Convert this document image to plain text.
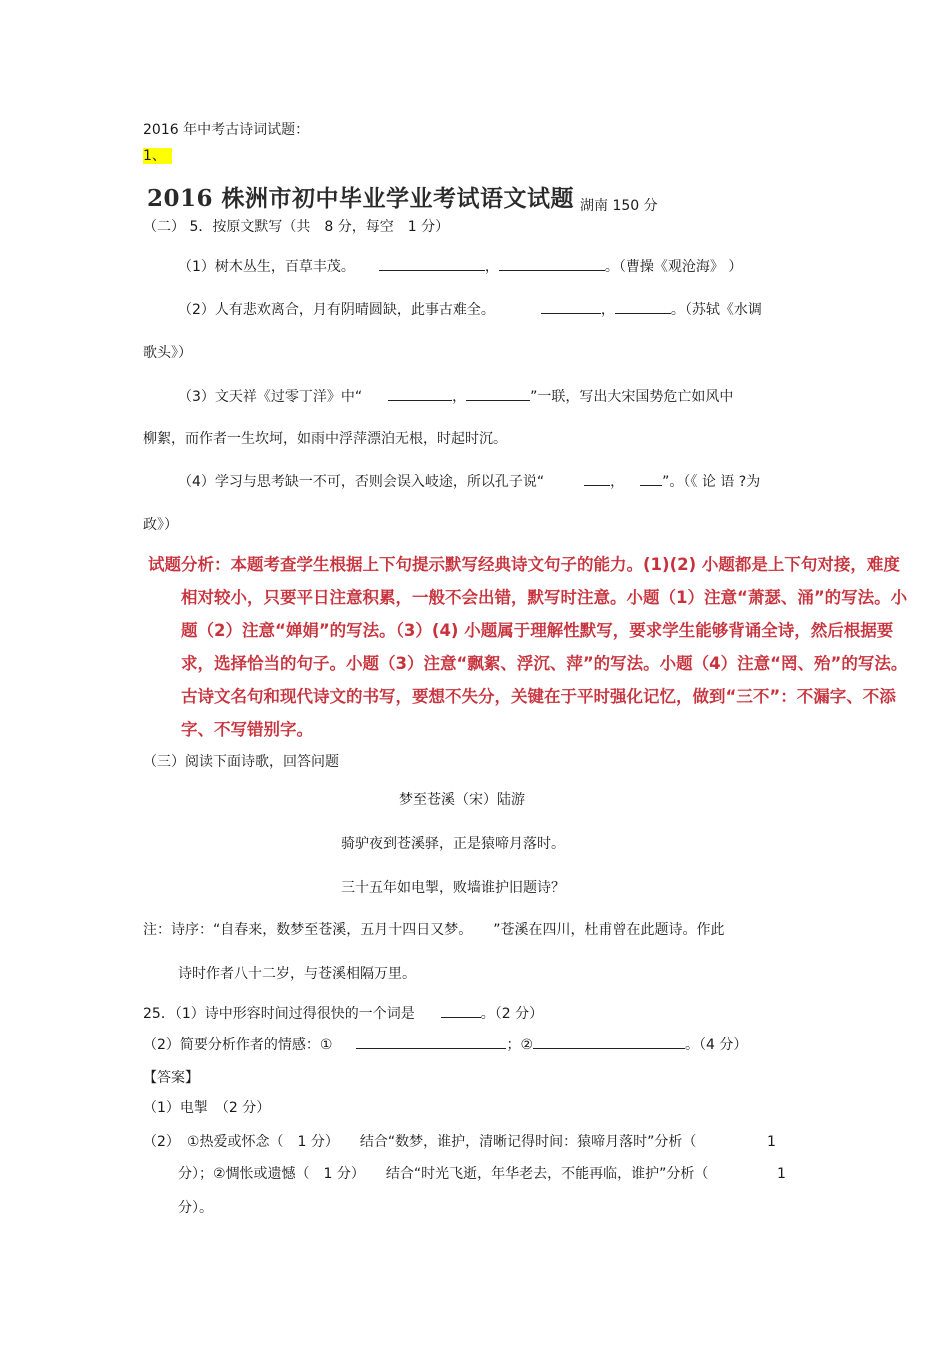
2016 年中考古诗词试题：
1、
2016 株洲市初中毕业学业考试语文试题 湖南 150 分
（二） 5．按原文默写（共　8 分，每空　1 分）
（1）树木丛生，百草丰茂。	，	。（曹操《观沧海》 ）
（2）人有悲欢离合，月有阴晴圆缺，此事古难全。	，	。（苏轼《水调
歌头》）
（3）文天祥《过零丁洋》中“	，	”一联，写出大宋国势危亡如风中
柳絮，而作者一生坎坷，如雨中浮萍漂泊无根，时起时沉。
（4）学习与思考缺一不可，否则会误入岐途，所以孔子说“	，	”。（《 论 语 ?为
政》）
试题分析：本题考查学生根据上下句提示默写经典诗文句子的能力。(1)(2) 小题都是上下句对接，难度
相对较小，只要平日注意积累，一般不会出错，默写时注意。小题（1）注意“萧瑟、涌”的写法。小
题（2）注意“婵娟”的写法。（3）(4) 小题属于理解性默写，要求学生能够背诵全诗，然后根据要
求，选择恰当的句子。小题（3）注意“飘絮、浮沉、萍”的写法。小题（4）注意“罔、殆”的写法。
古诗文名句和现代诗文的书写，要想不失分，关键在于平时强化记忆，做到“三不”：不漏字、不添
字、不写错别字。
（三）阅读下面诗歌，回答问题
梦至苍溪（宋）陆游
骑驴夜到苍溪驿，正是猿啼月落时。
三十五年如电掣，败墙谁护旧题诗？
注：诗序：“自春来，数梦至苍溪，五月十四日又梦。　　”苍溪在四川，杜甫曾在此题诗。作此
诗时作者八十二岁，与苍溪相隔万里。
25．（1）诗中形容时间过得很快的一个词是	。（2 分）
（2）简要分析作者的情感：①	；②	。（4 分）
【答案】
（1）电掣　（2 分）
（2）　①热爱或怀念（　1 分）　　结合“数梦，谁护，清晰记得时间：猿啼月落时”分析（	1
分）；②惆怅或遗憾（　1 分）　　结合“时光飞逝，年华老去，不能再临，谁护”分析（	1
分）。
